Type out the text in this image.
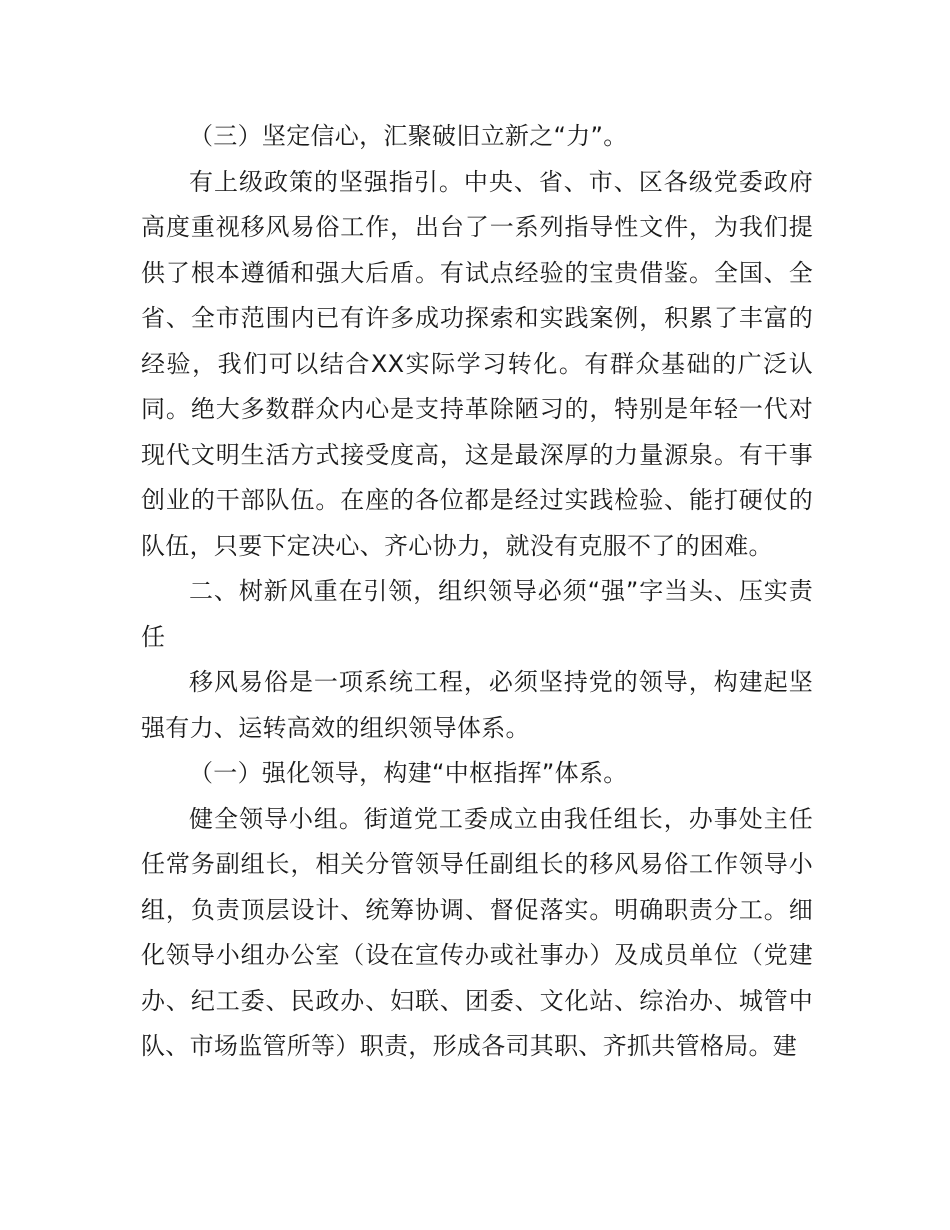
（三）坚定信心，汇聚破旧立新之“力”。

有上级政策的坚强指引。中央、省、市、区各级党委政府高度重视移风易俗工作，出台了一系列指导性文件，为我们提供了根本遵循和强大后盾。有试点经验的宝贵借鉴。全国、全省、全市范围内已有许多成功探索和实践案例，积累了丰富的经验，我们可以结合XX实际学习转化。有群众基础的广泛认同。绝大多数群众内心是支持革除陋习的，特别是年轻一代对现代文明生活方式接受度高，这是最深厚的力量源泉。有干事创业的干部队伍。在座的各位都是经过实践检验、能打硬仗的队伍，只要下定决心、齐心协力，就没有克服不了的困难。

二、树新风重在引领，组织领导必须“强”字当头、压实责任

移风易俗是一项系统工程，必须坚持党的领导，构建起坚强有力、运转高效的组织领导体系。

（一）强化领导，构建“中枢指挥”体系。

健全领导小组。街道党工委成立由我任组长，办事处主任任常务副组长，相关分管领导任副组长的移风易俗工作领导小组，负责顶层设计、统筹协调、督促落实。明确职责分工。细化领导小组办公室（设在宣传办或社事办）及成员单位（党建办、纪工委、民政办、妇联、团委、文化站、综治办、城管中队、市场监管所等）职责，形成各司其职、齐抓共管格局。建
